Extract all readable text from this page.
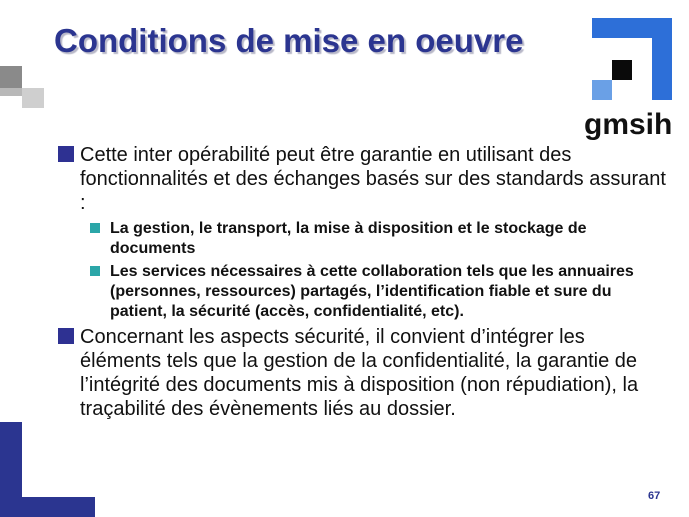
Conditions de mise en oeuvre
gmsih
Cette inter opérabilité peut être garantie en utilisant des fonctionnalités et des échanges basés sur des standards assurant :
La gestion, le transport, la mise à disposition et le stockage de documents
Les services nécessaires à cette collaboration tels que les annuaires (personnes, ressources) partagés, l’identification fiable et sure du patient, la sécurité (accès, confidentialité, etc).
Concernant les aspects sécurité, il convient d’intégrer les éléments tels que la gestion de la confidentialité, la garantie de l’intégrité des documents mis à disposition (non répudiation), la traçabilité des évènements liés au dossier.
67
